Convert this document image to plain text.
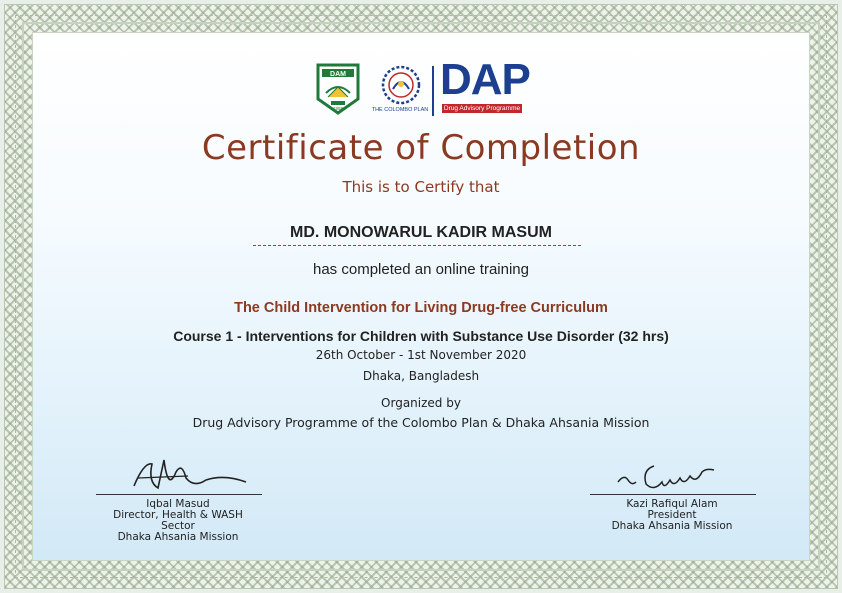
DAM
1958	THE COLOMBO PLAN
DAP
Drug Advisory Programme
Certificate of Completion
This is to Certify that
MD. MONOWARUL KADIR MASUM
has completed an online training
The Child Intervention for Living Drug-free Curriculum
Course 1 - Interventions for Children with Substance Use Disorder (32 hrs)
26th October - 1st November 2020
Dhaka, Bangladesh
Organized by
Drug Advisory Programme of the Colombo Plan & Dhaka Ahsania Mission
Iqbal Masud
Director, Health & WASH Sector
Dhaka Ahsania Mission
Kazi Rafiqul Alam
President
Dhaka Ahsania Mission
